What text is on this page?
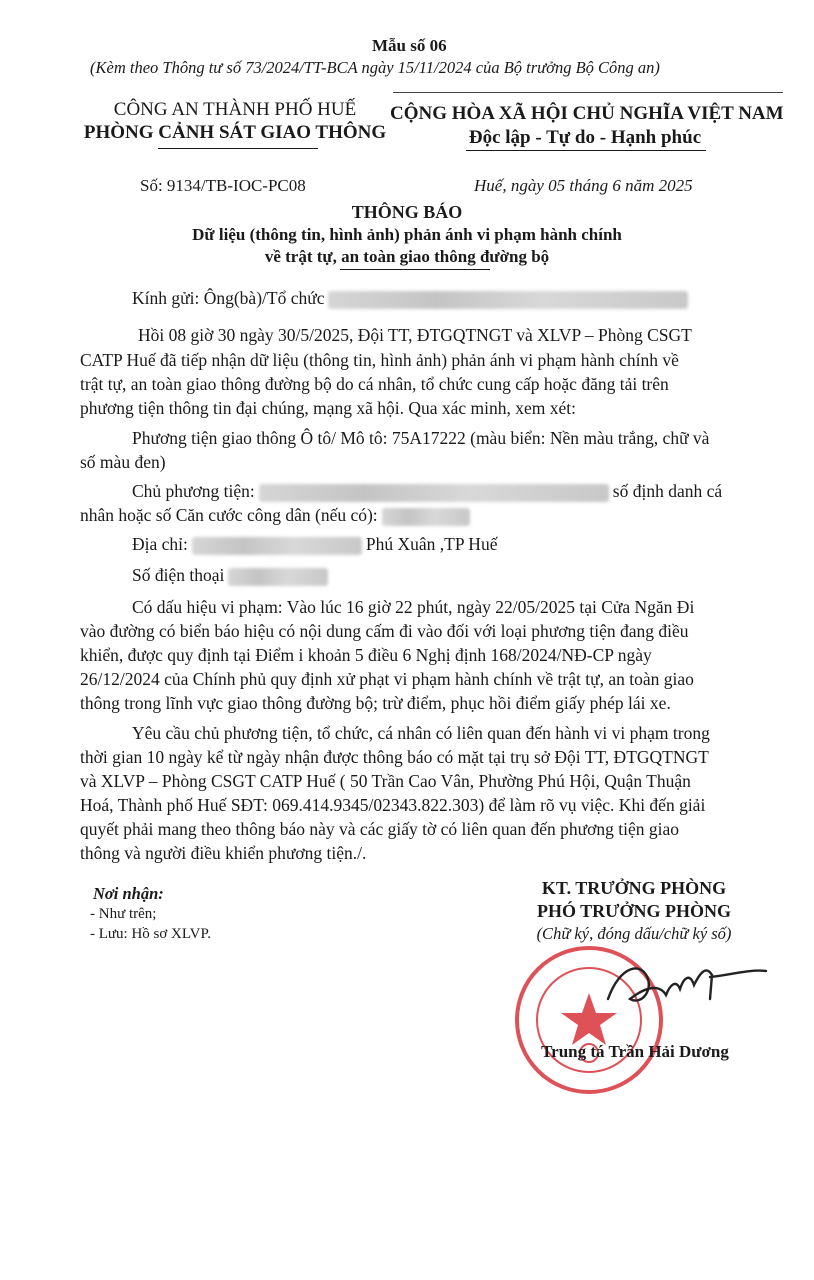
Mẫu số 06
(Kèm theo Thông tư số 73/2024/TT-BCA ngày 15/11/2024 của Bộ trưởng Bộ Công an)
CÔNG AN THÀNH PHỐ HUẾ
PHÒNG CẢNH SÁT GIAO THÔNG
CỘNG HÒA XÃ HỘI CHỦ NGHĨA VIỆT NAM
Độc lập - Tự do - Hạnh phúc
Số: 9134/TB-IOC-PC08	Huế, ngày 05 tháng 6 năm 2025
THÔNG BÁO
Dữ liệu (thông tin, hình ảnh) phản ánh vi phạm hành chính
về trật tự, an toàn giao thông đường bộ
Kính gửi: Ông(bà)/Tổ chức
Hồi 08 giờ 30 ngày 30/5/2025, Đội TT, ĐTGQTNGT và XLVP – Phòng CSGT
CATP Huế đã tiếp nhận dữ liệu (thông tin, hình ảnh) phản ánh vi phạm hành chính về
trật tự, an toàn giao thông đường bộ do cá nhân, tổ chức cung cấp hoặc đăng tải trên
phương tiện thông tin đại chúng, mạng xã hội. Qua xác minh, xem xét:
Phương tiện giao thông Ô tô/ Mô tô: 75A17222 (màu biển: Nền màu trắng, chữ và
số màu đen)
Chủ phương tiện:	số định danh cá
nhân hoặc số Căn cước công dân (nếu có):
Địa chỉ:	Phú Xuân ,TP Huế
Số điện thoại
Có dấu hiệu vi phạm: Vào lúc 16 giờ 22 phút, ngày 22/05/2025 tại Cửa Ngăn Đi
vào đường có biển báo hiệu có nội dung cấm đi vào đối với loại phương tiện đang điều
khiển, được quy định tại Điểm i khoản 5 điều 6 Nghị định 168/2024/NĐ-CP ngày
26/12/2024 của Chính phủ quy định xử phạt vi phạm hành chính về trật tự, an toàn giao
thông trong lĩnh vực giao thông đường bộ; trừ điểm, phục hồi điểm giấy phép lái xe.
Yêu cầu chủ phương tiện, tổ chức, cá nhân có liên quan đến hành vi vi phạm trong
thời gian 10 ngày kể từ ngày nhận được thông báo có mặt tại trụ sở Đội TT, ĐTGQTNGT
và XLVP – Phòng CSGT CATP Huế ( 50 Trần Cao Vân, Phường Phú Hội, Quận Thuận
Hoá, Thành phố Huế SĐT: 069.414.9345/02343.822.303) để làm rõ vụ việc. Khi đến giải
quyết phải mang theo thông báo này và các giấy tờ có liên quan đến phương tiện giao
thông và người điều khiển phương tiện./.
Nơi nhận:
- Như trên;
- Lưu: Hồ sơ XLVP.
KT. TRƯỞNG PHÒNG
PHÓ TRƯỞNG PHÒNG
(Chữ ký, đóng dấu/chữ ký số)
Trung tá Trần Hải Dương
